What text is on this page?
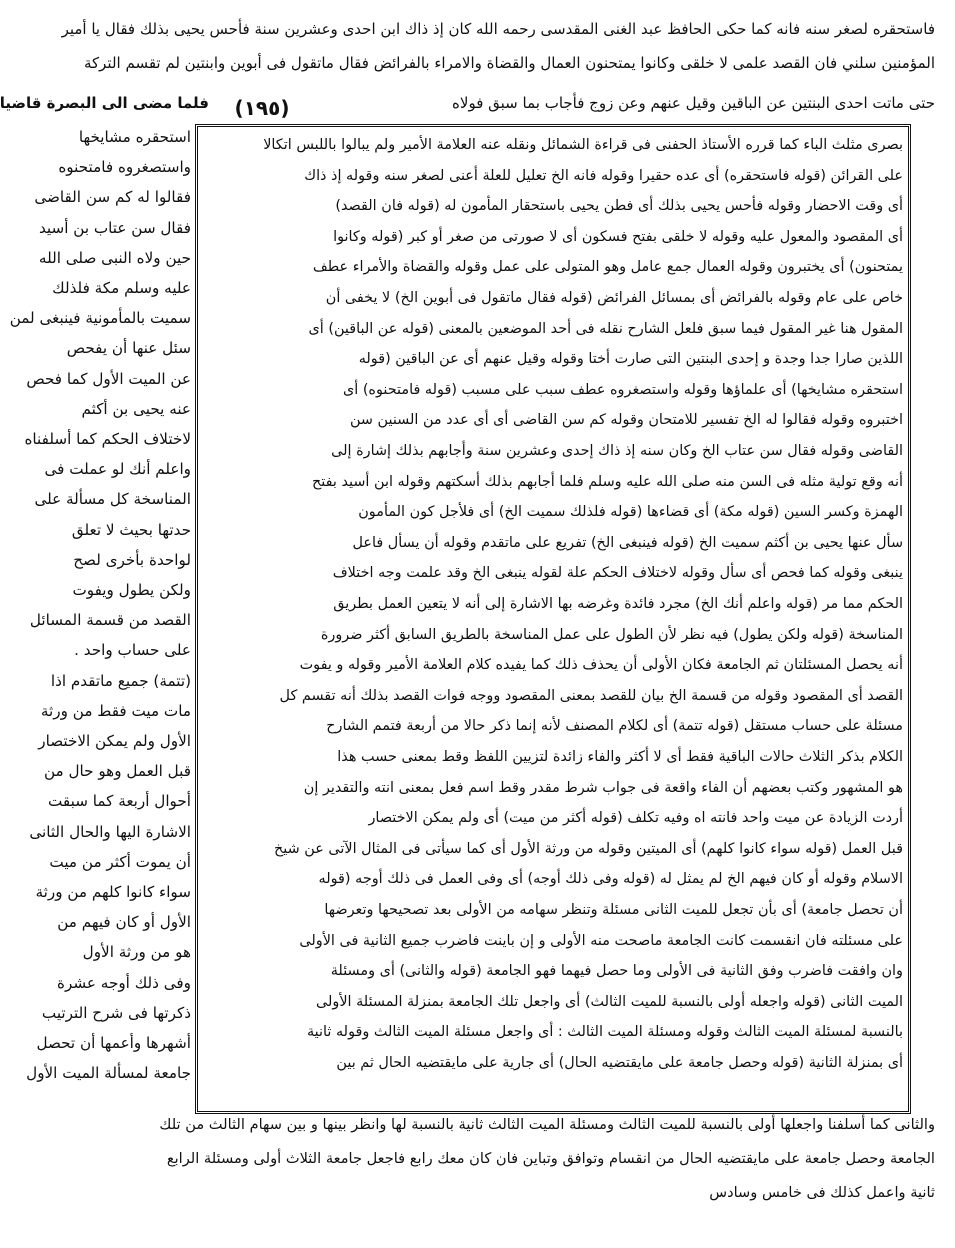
فاستحقره لصغر سنه فانه كما حكى الحافظ عبد الغنى المقدسى رحمه الله كان إذ ذاك ابن احدى وعشرين سنة فأحس يحيى بذلك فقال يا أمير
المؤمنين سلني فان القصد علمى لا خلقى وكانوا يمتحنون العمال والقضاة والامراء بالفرائض فقال ماتقول فى أبوين وابنتين لم تقسم التركة
حتى ماتت احدى البنتين عن الباقين وقيل عنهم وعن زوج فأجاب بما سبق فولاه
فلما مضى الى البصرة قاضيا	(١٩٥)
بصرى مثلث الباء كما قرره الأستاذ الحفنى فى قراءة الشمائل ونقله عنه العلامة الأمير ولم يبالوا باللبس اتكالا
على القرائن (قوله فاستحقره) أى عده حقيرا وقوله فانه الخ تعليل للعلة أعنى لصغر سنه وقوله إذ ذاك
أى وقت الاحضار وقوله فأحس يحيى بذلك أى فطن يحيى باستحقار المأمون له (قوله فان القصد)
أى المقصود والمعول عليه وقوله لا خلقى بفتح فسكون أى لا صورتى من صغر أو كبر (قوله وكانوا
يمتحنون) أى يختبرون وقوله العمال جمع عامل وهو المتولى على عمل وقوله والقضاة والأمراء عطف
خاص على عام وقوله بالفرائض أى بمسائل الفرائض (قوله فقال ماتقول فى أبوين الخ) لا يخفى أن
المقول هنا غير المقول فيما سبق فلعل الشارح نقله فى أحد الموضعين بالمعنى (قوله عن الباقين) أى
اللذين صارا جدا وجدة و إحدى البنتين التى صارت أختا وقوله وقيل عنهم أى عن الباقين (قوله
استحقره مشايخها) أى علماؤها وقوله واستصغروه عطف سبب على مسبب (قوله فامتحنوه) أى
اختبروه وقوله فقالوا له الخ تفسير للامتحان وقوله كم سن القاضى أى أى عدد من السنين سن
القاضى وقوله فقال سن عتاب الخ وكان سنه إذ ذاك إحدى وعشرين سنة وأجابهم بذلك إشارة إلى
أنه وقع تولية مثله فى السن منه صلى الله عليه وسلم فلما أجابهم بذلك أسكتهم وقوله ابن أسيد بفتح
الهمزة وكسر السين (قوله مكة) أى قضاءها (قوله فلذلك سميت الخ) أى فلأجل كون المأمون
سأل عنها يحيى بن أكثم سميت الخ (قوله فينبغى الخ) تفريع على ماتقدم وقوله أن يسأل فاعل
ينبغى وقوله كما فحص أى سأل وقوله لاختلاف الحكم علة لقوله ينبغى الخ وقد علمت وجه اختلاف
الحكم مما مر (قوله واعلم أنك الخ) مجرد فائدة وغرضه بها الاشارة إلى أنه لا يتعين العمل بطريق
المناسخة (قوله ولكن يطول) فيه نظر لأن الطول على عمل المناسخة بالطريق السابق أكثر ضرورة
أنه يحصل المسئلتان ثم الجامعة فكان الأولى أن يحذف ذلك كما يفيده كلام العلامة الأمير وقوله و يفوت
القصد أى المقصود وقوله من قسمة الخ بيان للقصد بمعنى المقصود ووجه فوات القصد بذلك أنه تقسم كل
مسئلة على حساب مستقل (قوله تتمة) أى لكلام المصنف لأنه إنما ذكر حالا من أربعة فتمم الشارح
الكلام بذكر الثلاث حالات الباقية فقط أى لا أكثر والفاء زائدة لتزيين اللفظ وقط بمعنى حسب هذا
هو المشهور وكتب بعضهم أن الفاء واقعة فى جواب شرط مقدر وقط اسم فعل بمعنى انته والتقدير إن
أردت الزيادة عن ميت واحد فانته اه وفيه تكلف (قوله أكثر من ميت) أى ولم يمكن الاختصار
قبل العمل (قوله سواء كانوا كلهم) أى الميتين وقوله من ورثة الأول أى كما سيأتى فى المثال الآتى عن شيخ
الاسلام وقوله أو كان فيهم الخ لم يمثل له (قوله وفى ذلك أوجه) أى وفى العمل فى ذلك أوجه (قوله
أن تحصل جامعة) أى بأن تجعل للميت الثانى مسئلة وتنظر سهامه من الأولى بعد تصحيحها وتعرضها
على مسئلته فان انقسمت كانت الجامعة ماصحت منه الأولى و إن باينت فاضرب جميع الثانية فى الأولى
وان وافقت فاضرب وفق الثانية فى الأولى وما حصل فيهما فهو الجامعة (قوله والثانى) أى ومسئلة
الميت الثانى (قوله واجعله أولى بالنسبة للميت الثالث) أى واجعل تلك الجامعة بمنزلة المسئلة الأولى
بالنسبة لمسئلة الميت الثالث وقوله ومسئلة الميت الثالث : أى واجعل مسئلة الميت الثالث وقوله ثانية
أى بمنزلة الثانية (قوله وحصل جامعة على مايقتضيه الحال) أى جارية على مايقتضيه الحال ثم بين
استحقره مشايخها
واستصغروه فامتحنوه
فقالوا له كم سن القاضى
فقال سن عتاب بن أسيد
حين ولاه النبى صلى الله
عليه وسلم مكة فلذلك
سميت بالمأمونية فينبغى لمن
سئل عنها أن يفحص
عن الميت الأول كما فحص
عنه يحيى بن أكثم
لاختلاف الحكم كما أسلفناه
واعلم أنك لو عملت فى
المناسخة كل مسألة على
حدتها بحيث لا تعلق
لواحدة بأخرى لصح
ولكن يطول ويفوت
القصد من قسمة المسائل
على حساب واحد .
(تتمة) جميع ماتقدم اذا
مات ميت فقط من ورثة
الأول ولم يمكن الاختصار
قبل العمل وهو حال من
أحوال أربعة كما سبقت
الاشارة اليها والحال الثانى
أن يموت أكثر من ميت
سواء كانوا كلهم من ورثة
الأول أو كان فيهم من
هو من ورثة الأول
وفى ذلك أوجه عشرة
ذكرتها فى شرح الترتيب
أشهرها وأعمها أن تحصل
جامعة لمسألة الميت الأول
والثانى كما أسلفنا واجعلها أولى بالنسبة للميت الثالث ومسئلة الميت الثالث ثانية بالنسبة لها وانظر بينها و بين سهام الثالث من تلك
الجامعة وحصل جامعة على مايقتضيه الحال من انقسام وتوافق وتباين فان كان معك رابع فاجعل جامعة الثلاث أولى ومسئلة الرابع
ثانية واعمل كذلك فى خامس وسادس
